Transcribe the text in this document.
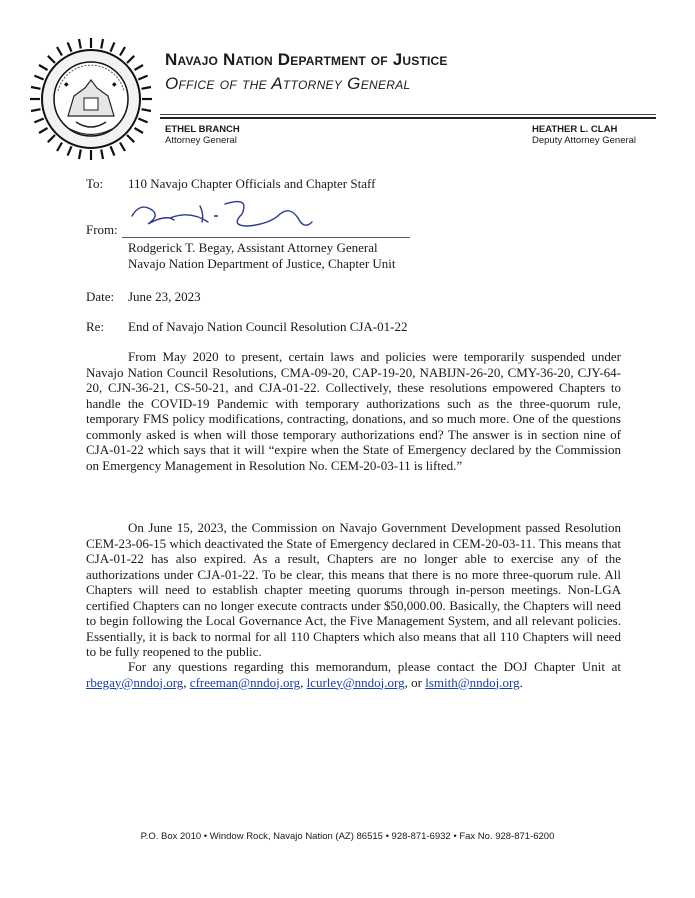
◆	◆
Navajo Nation Department of Justice
Office of the Attorney General
ETHEL BRANCH
Attorney General
HEATHER L. CLAH
Deputy Attorney General
To: 110 Navajo Chapter Officials and Chapter Staff
From:
Rodgerick T. Begay, Assistant Attorney General
Navajo Nation Department of Justice, Chapter Unit
Date: June 23, 2023
Re: End of Navajo Nation Council Resolution CJA-01-22
From May 2020 to present, certain laws and policies were temporarily suspended under Navajo Nation Council Resolutions, CMA-09-20, CAP-19-20, NABIJN-26-20, CMY-36-20, CJY-64-20, CJN-36-21, CS-50-21, and CJA-01-22. Collectively, these resolutions empowered Chapters to handle the COVID-19 Pandemic with temporary authorizations such as the three-quorum rule, temporary FMS policy modifications, contracting, donations, and so much more. One of the questions commonly asked is when will those temporary authorizations end? The answer is in section nine of CJA-01-22 which says that it will “expire when the State of Emergency declared by the Commission on Emergency Management in Resolution No. CEM-20-03-11 is lifted.”
On June 15, 2023, the Commission on Navajo Government Development passed Resolution CEM-23-06-15 which deactivated the State of Emergency declared in CEM-20-03-11. This means that CJA-01-22 has also expired. As a result, Chapters are no longer able to exercise any of the authorizations under CJA-01-22. To be clear, this means that there is no more three-quorum rule. All Chapters will need to establish chapter meeting quorums through in-person meetings. Non-LGA certified Chapters can no longer execute contracts under $50,000.00. Basically, the Chapters will need to begin following the Local Governance Act, the Five Management System, and all relevant policies. Essentially, it is back to normal for all 110 Chapters which also means that all 110 Chapters will need to be fully reopened to the public.
For any questions regarding this memorandum, please contact the DOJ Chapter Unit at rbegay@nndoj.org, cfreeman@nndoj.org, lcurley@nndoj.org, or lsmith@nndoj.org.
P.O. Box 2010 • Window Rock, Navajo Nation (AZ) 86515 • 928-871-6932 • Fax No. 928-871-6200
